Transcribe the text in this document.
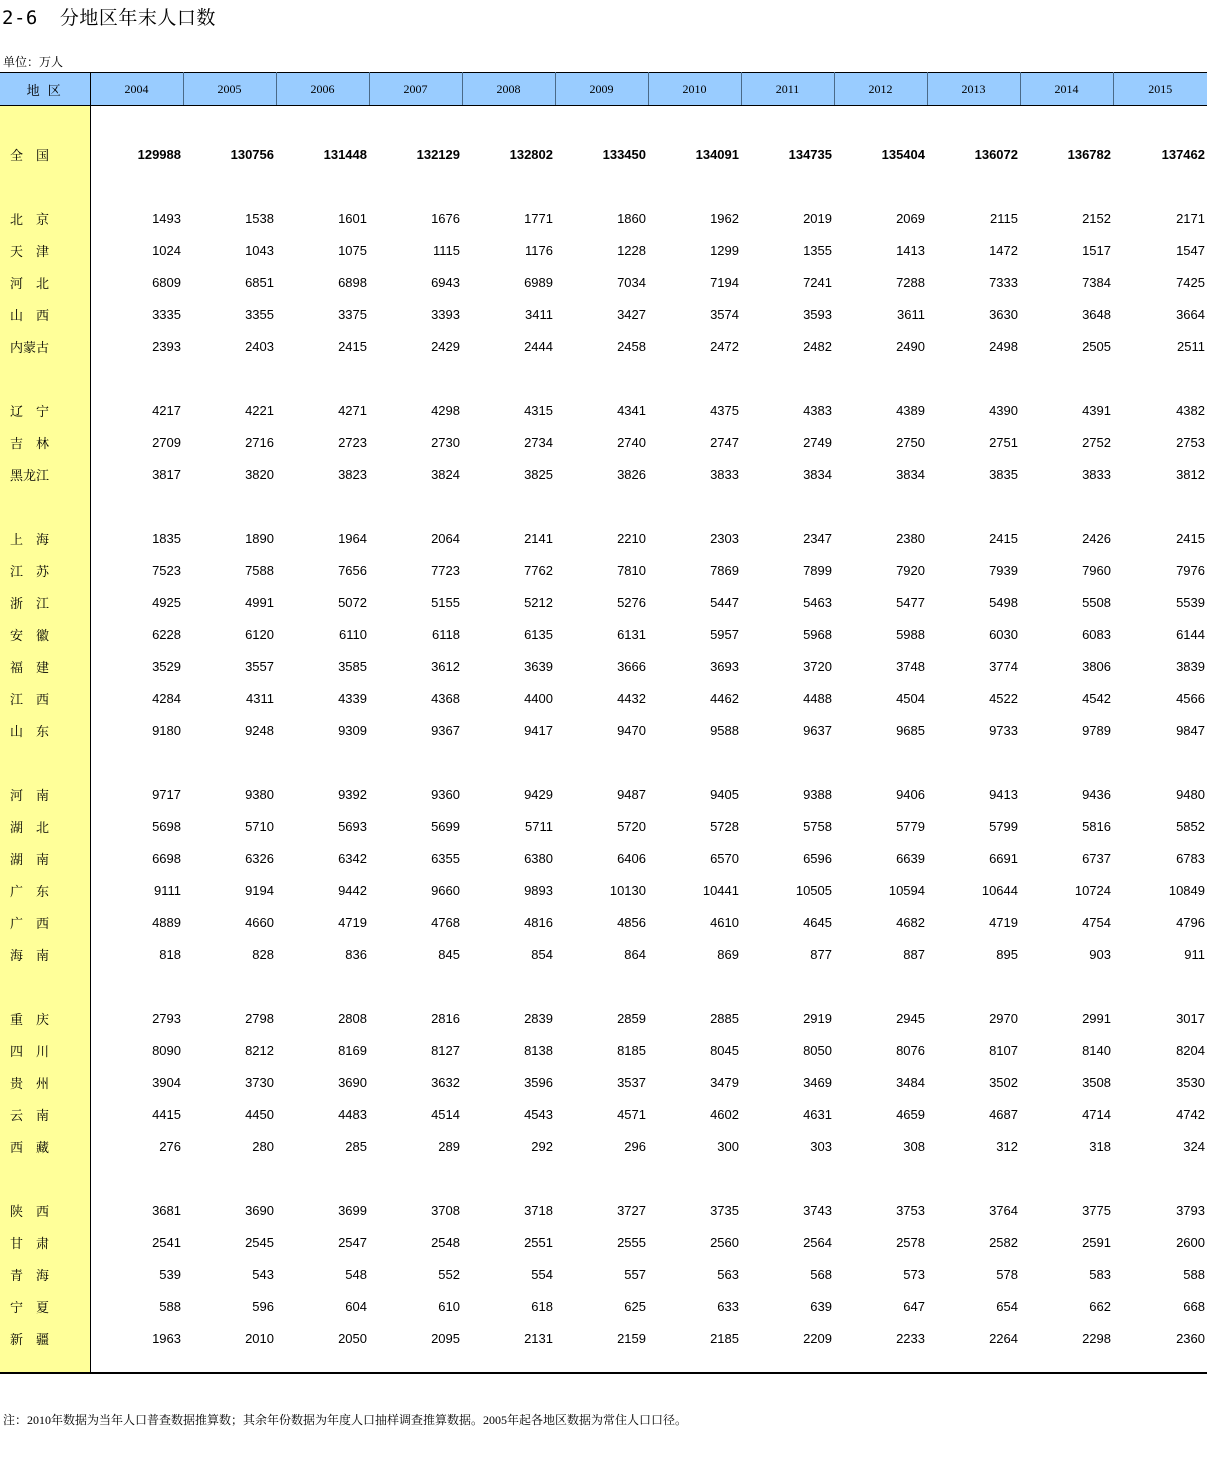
2-6 分地区年末人口数
单位：万人
地 区	2004	2005	2006	2007	2008	2009	2010	2011	2012	2013	2014	2015

全　国	129988	130756	131448	132129	132802	133450	134091	134735	135404	136072	136782	137462

北　京	1493	1538	1601	1676	1771	1860	1962	2019	2069	2115	2152	2171
天　津	1024	1043	1075	1115	1176	1228	1299	1355	1413	1472	1517	1547
河　北	6809	6851	6898	6943	6989	7034	7194	7241	7288	7333	7384	7425
山　西	3335	3355	3375	3393	3411	3427	3574	3593	3611	3630	3648	3664
内蒙古	2393	2403	2415	2429	2444	2458	2472	2482	2490	2498	2505	2511

辽　宁	4217	4221	4271	4298	4315	4341	4375	4383	4389	4390	4391	4382
吉　林	2709	2716	2723	2730	2734	2740	2747	2749	2750	2751	2752	2753
黑龙江	3817	3820	3823	3824	3825	3826	3833	3834	3834	3835	3833	3812

上　海	1835	1890	1964	2064	2141	2210	2303	2347	2380	2415	2426	2415
江　苏	7523	7588	7656	7723	7762	7810	7869	7899	7920	7939	7960	7976
浙　江	4925	4991	5072	5155	5212	5276	5447	5463	5477	5498	5508	5539
安　徽	6228	6120	6110	6118	6135	6131	5957	5968	5988	6030	6083	6144
福　建	3529	3557	3585	3612	3639	3666	3693	3720	3748	3774	3806	3839
江　西	4284	4311	4339	4368	4400	4432	4462	4488	4504	4522	4542	4566
山　东	9180	9248	9309	9367	9417	9470	9588	9637	9685	9733	9789	9847

河　南	9717	9380	9392	9360	9429	9487	9405	9388	9406	9413	9436	9480
湖　北	5698	5710	5693	5699	5711	5720	5728	5758	5779	5799	5816	5852
湖　南	6698	6326	6342	6355	6380	6406	6570	6596	6639	6691	6737	6783
广　东	9111	9194	9442	9660	9893	10130	10441	10505	10594	10644	10724	10849
广　西	4889	4660	4719	4768	4816	4856	4610	4645	4682	4719	4754	4796
海　南	818	828	836	845	854	864	869	877	887	895	903	911

重　庆	2793	2798	2808	2816	2839	2859	2885	2919	2945	2970	2991	3017
四　川	8090	8212	8169	8127	8138	8185	8045	8050	8076	8107	8140	8204
贵　州	3904	3730	3690	3632	3596	3537	3479	3469	3484	3502	3508	3530
云　南	4415	4450	4483	4514	4543	4571	4602	4631	4659	4687	4714	4742
西　藏	276	280	285	289	292	296	300	303	308	312	318	324

陕　西	3681	3690	3699	3708	3718	3727	3735	3743	3753	3764	3775	3793
甘　肃	2541	2545	2547	2548	2551	2555	2560	2564	2578	2582	2591	2600
青　海	539	543	548	552	554	557	563	568	573	578	583	588
宁　夏	588	596	604	610	618	625	633	639	647	654	662	668
新　疆	1963	2010	2050	2095	2131	2159	2185	2209	2233	2264	2298	2360

注：2010年数据为当年人口普查数据推算数；其余年份数据为年度人口抽样调查推算数据。2005年起各地区数据为常住人口口径。
